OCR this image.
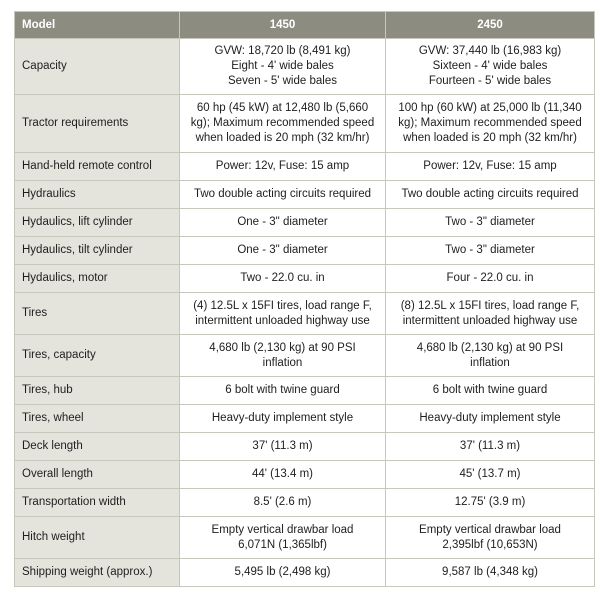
Model	1450	2450
Capacity	GVW: 18,720 lb (8,491 kg)
Eight - 4' wide bales
Seven - 5' wide bales	GVW: 37,440 lb (16,983 kg)
Sixteen - 4' wide bales
Fourteen - 5' wide bales

Tractor requirements	60 hp (45 kW) at 12,480 lb (5,660
kg); Maximum recommended speed
when loaded is 20 mph (32 km/hr)	100 hp (60 kW) at 25,000 lb (11,340
kg); Maximum recommended speed
when loaded is 20 mph (32 km/hr)

Hand-held remote control	Power: 12v, Fuse: 15 amp	Power: 12v, Fuse: 15 amp

Hydraulics	Two double acting circuits required	Two double acting circuits required

Hydaulics, lift cylinder	One - 3" diameter	Two - 3" diameter

Hydaulics, tilt cylinder	One - 3" diameter	Two - 3" diameter

Hydaulics, motor	Two - 22.0 cu. in	Four - 22.0 cu. in

Tires	(4) 12.5L x 15FI tires, load range F,
intermittent unloaded highway use	(8) 12.5L x 15FI tires, load range F,
intermittent unloaded highway use

Tires, capacity	4,680 lb (2,130 kg) at 90 PSI
inflation	4,680 lb (2,130 kg) at 90 PSI
inflation

Tires, hub	6 bolt with twine guard	6 bolt with twine guard

Tires, wheel	Heavy-duty implement style	Heavy-duty implement style

Deck length	37' (11.3 m)	37' (11.3 m)

Overall length	44' (13.4 m)	45' (13.7 m)

Transportation width	8.5' (2.6 m)	12.75' (3.9 m)

Hitch weight	Empty vertical drawbar load
6,071N (1,365lbf)	Empty vertical drawbar load
2,395lbf (10,653N)

Shipping weight (approx.)	5,495 lb (2,498 kg)	9,587 lb (4,348 kg)
